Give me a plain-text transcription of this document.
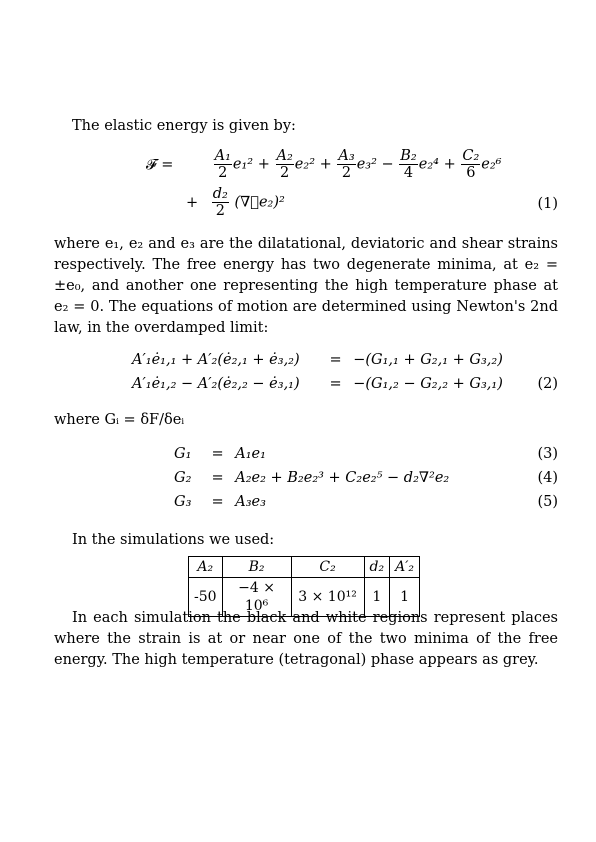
The elastic energy is given by:

𝓕 =	$\frac{\text{A₁}}{2} e_1^2 + \frac{\text{A₂}}{2} e_2^2 + \frac{\text{A₃}}{2} e_3^2 - \frac{\text{B₂}}{4} e_2^4 + \frac{\text{C₂}}{6} e_2^6$
+ $\frac{\text{d₂}}{2}$ (∇⃗e₂)²	(1)

where e₁, e₂ and e₃ are the dilatational, deviatoric and shear strains respectively. The free energy has two degenerate minima, at e₂ = ±e₀, and another one representing the high temperature phase at e₂ = 0. The equations of motion are determined using Newton's 2nd law, in the overdamped limit:

A′₁ė₁,₁ + A′₂(ė₂,₁ + ė₃,₂) = −(G₁,₁ + G₂,₁ + G₃,₂)
A′₁ė₁,₂ − A′₂(ė₂,₂ − ė₃,₁) = −(G₁,₂ − G₂,₂ + G₃,₁) (2)

where Gᵢ = δF/δeᵢ

G₁ = A₁e₁	(3)
G₂ = A₂e₂ + B₂e₂³ + C₂e₂⁵ − d₂∇²e₂	(4)
G₃ = A₃e₃	(5)

In the simulations we used:

A₂	B₂	C₂	d₂	A′₂
-50	−4 × 10⁶	3 × 10¹²	1	1

In each simulation the black and white regions represent places where the strain is at or near one of the two minima of the free energy. The high temperature (tetragonal) phase appears as grey.
